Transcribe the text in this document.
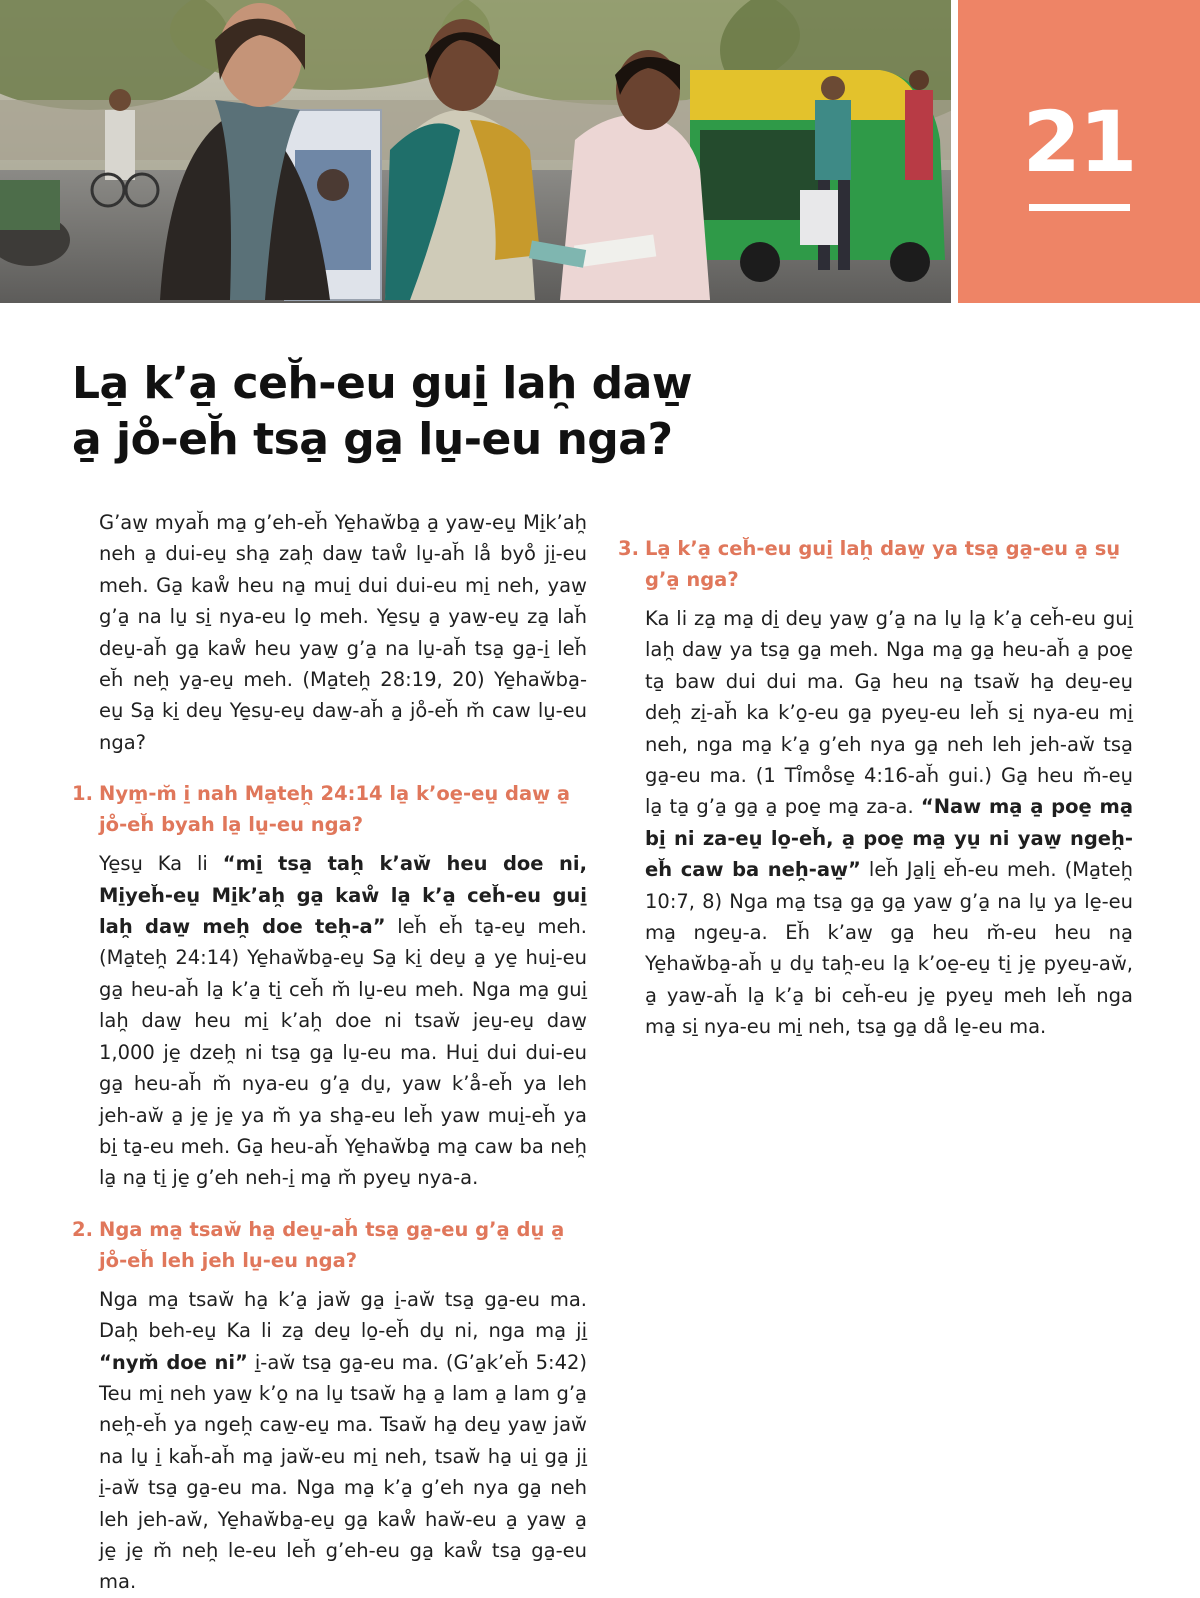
21
La̱ k’a̱ ceh̆-eu gui̱ lah̯ daw̱
a̱ jo̊-eh̆ tsa̱ ga̱ lu̱-eu nga?

G’aw̱ myah̆ ma̱ g’eh-eh̆ Ye̱haw̆ba̱ a̱ yaw̱-eu̱ Mi̱k’ah̯ neh a̱ dui-eu̱ sha̱ zah̯ daw̱ taẘ lu̱-ah̆ lå byo̊ ji̱-eu meh. Ga̱ kaẘ heu na̱ mui̱ dui dui-eu mi̱ neh, yaw̱ g’a̱ na lu̱ si̱ nya-eu lo̱ meh. Ye̱su̱ a̱ yaw̱-eu̱ za̱ lah̆ deu̱-ah̆ ga̱ kaẘ heu yaw̱ g’a̱ na lu̱-ah̆ tsa̱ ga̱-i̱ leh̆ eh̆ neh̯ ya̱-eu̱ meh. (Ma̱teh̯ 28:19, 20) Ye̱haw̆ba̱-eu̱ Sa̱ ki̱ deu̱ Ye̱su̱-eu̱ daw̱-ah̆ a̱ jo̊-eh̆ m̆ caw lu̱-eu nga?

1. Nym̱-m̆ i̱ nah Ma̱teh̯ 24:14 la̱ k’oe̱-eu̱ daw̱ a̱ jo̊-eh̆ byah la̱ lu̱-eu nga?

Ye̱su̱ Ka li “mi̱ tsa̱ tah̯ k’aw̆ heu doe ni, Mi̱yeh̆-eu̱ Mi̱k’ah̯ ga̱ kaẘ la̱ k’a̱ ceh̆-eu gui̱ lah̯ daw̱ meh̯ doe teh̯-a” leh̆ eh̆ ta̱-eu̱ meh. (Ma̱teh̯ 24:14) Ye̱haw̆ba̱-eu̱ Sa̱ ki̱ deu̱ a̱ ye̱ hui̱-eu ga̱ heu-ah̆ la̱ k’a̱ ti̱ ceh̆ m̆ lu̱-eu meh. Nga ma̱ gui̱ lah̯ daw̱ heu mi̱ k’ah̯ doe ni tsaw̆ jeu̱-eu̱ daw̱ 1,000 je̱ dzeh̯ ni tsa̱ ga̱ lu̱-eu ma. Hui̱ dui dui-eu ga̱ heu-ah̆ m̆ nya-eu g’a̱ du̱, yaw k’å-eh̆ ya leh jeh-aw̆ a̱ je̱ je̱ ya m̆ ya sha̱-eu leh̆ yaw mui̱-eh̆ ya bi̱ ta̱-eu meh. Ga̱ heu-ah̆ Ye̱haw̆ba̱ ma̱ caw ba neh̯ la̱ na̱ ti̱ je̱ g’eh neh-i̱ ma̱ m̆ pyeu̱ nya-a.

2. Nga ma̱ tsaw̆ ha̱ deu̱-ah̆ tsa̱ ga̱-eu g’a̱ du̱ a̱ jo̊-eh̆ leh jeh lu̱-eu nga?

Nga ma̱ tsaw̆ ha̱ k’a̱ jaw̆ ga̱ i̱-aw̆ tsa̱ ga̱-eu ma. Dah̯ beh-eu̱ Ka li za̱ deu̱ lo̱-eh̆ du̱ ni, nga ma̱ ji̱ “nym̆ doe ni” i̱-aw̆ tsa̱ ga̱-eu ma. (G’a̱k’eh̆ 5:42) Teu mi̱ neh yaw̱ k’o̱ na lu̱ tsaw̆ ha̱ a̱ lam a̱ lam g’a̱ neh̯-eh̆ ya ngeh̯ caw̱-eu̱ ma. Tsaw̆ ha̱ deu̱ yaw̱ jaw̆ na lu̱ i̱ kah̆-ah̆ ma̱ jaw̆-eu mi̱ neh, tsaw̆ ha̱ ui̱ ga̱ ji̱ i̱-aw̆ tsa̱ ga̱-eu ma. Nga ma̱ k’a̱ g’eh nya ga̱ neh leh jeh-aw̆, Ye̱haw̆ba̱-eu̱ ga̱ kaẘ haw̆-eu a̱ yaw̱ a̱ je̱ je̱ m̆ neh̯ le-eu leh̆ g’eh-eu ga̱ kaẘ tsa̱ ga̱-eu ma.

3. La̱ k’a̱ ceh̆-eu gui̱ lah̯ daw̱ ya tsa̱ ga̱-eu a̱ su̱ g’a̱ nga?

Ka li za̱ ma̱ di̱ deu̱ yaw̱ g’a̱ na lu̱ la̱ k’a̱ ceh̆-eu gui̱ lah̯ daw̱ ya tsa̱ ga̱ meh. Nga ma̱ ga̱ heu-ah̆ a̱ poe̱ ta̱ baw dui dui ma. Ga̱ heu na̱ tsaw̆ ha̱ deu̱-eu̱ deh̯ zi̱-ah̆ ka k’o̱-eu ga̱ pyeu̱-eu leh̆ si̱ nya-eu mi̱ neh, nga ma̱ k’a̱ g’eh nya ga̱ neh leh jeh-aw̆ tsa̱ ga̱-eu ma. (1 Ti̊mo̊se̱ 4:16-ah̆ gui.) Ga̱ heu m̆-eu̱ la̱ ta̱ g’a̱ ga̱ a̱ poe̱ ma̱ za-a. “Naw ma̱ a̱ poe̱ ma̱ bi̱ ni za-eu̱ lo̱-eh̆, a̱ poe̱ ma̱ yu̱ ni yaw̱ ngeh̯-eh̆ caw ba neh̯-aw̱” leh̆ Ja̱li̱ eh̆-eu meh. (Ma̱teh̯ 10:7, 8) Nga ma̱ tsa̱ ga̱ ga̱ yaw̱ g’a̱ na lu̱ ya le̱-eu ma̱ ngeu̱-a. Eh̆ k’aw̱ ga̱ heu m̆-eu heu na̱ Ye̱haw̆ba̱-ah̆ u̱ du̱ tah̯-eu la̱ k’oe̱-eu̱ ti̱ je̱ pyeu̱-aw̆, a̱ yaw̱-ah̆ la̱ k’a̱ bi ceh̆-eu je̱ pyeu̱ meh leh̆ nga ma̱ si̱ nya-eu mi̱ neh, tsa̱ ga̱ då le̱-eu ma.
